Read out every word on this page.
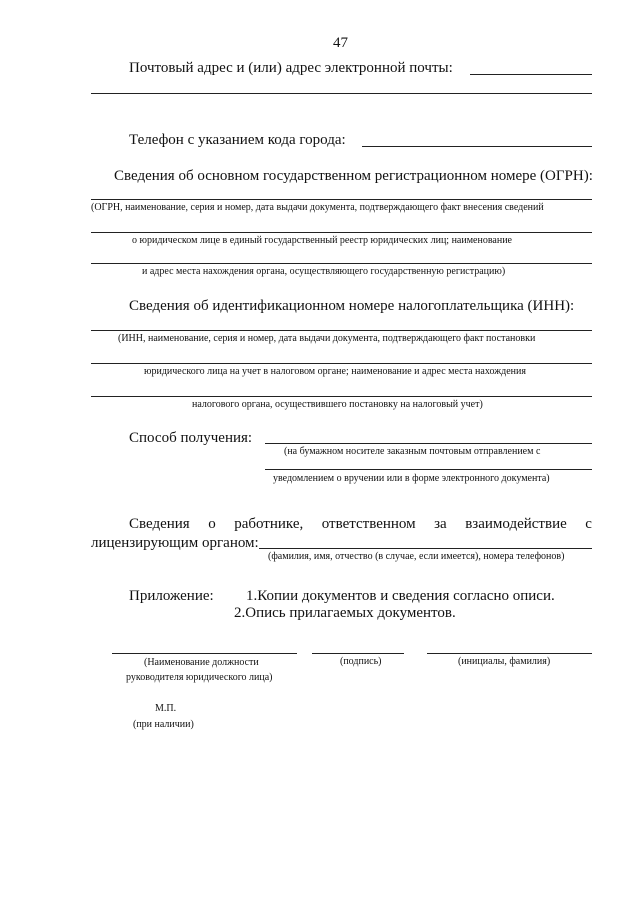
47
Почтовый адрес и (или) адрес электронной почты:
Телефон с указанием кода города:
Сведения об основном государственном регистрационном номере (ОГРН):
(ОГРН, наименование, серия и номер, дата выдачи документа, подтверждающего факт внесения сведений
о юридическом лице в единый государственный реестр юридических лиц; наименование
и адрес места нахождения органа, осуществляющего государственную регистрацию)
Сведения об идентификационном номере налогоплательщика (ИНН):
(ИНН, наименование, серия и номер, дата выдачи документа, подтверждающего факт постановки
юридического лица на учет в налоговом органе; наименование и адрес места нахождения
налогового органа, осуществившего постановку на налоговый учет)
Способ получения:
(на бумажном носителе заказным почтовым отправлением с
уведомлением о вручении или в форме электронного документа)
Сведения о работнике, ответственном за взаимодействие с
лицензирующим органом:
(фамилия, имя, отчество (в случае, если имеется), номера телефонов)
Приложение: 1.Копии документов и сведения согласно описи.
2.Опись прилагаемых документов.
(Наименование должности	(подпись)	(инициалы, фамилия)
руководителя юридического лица)
М.П.
(при наличии)
